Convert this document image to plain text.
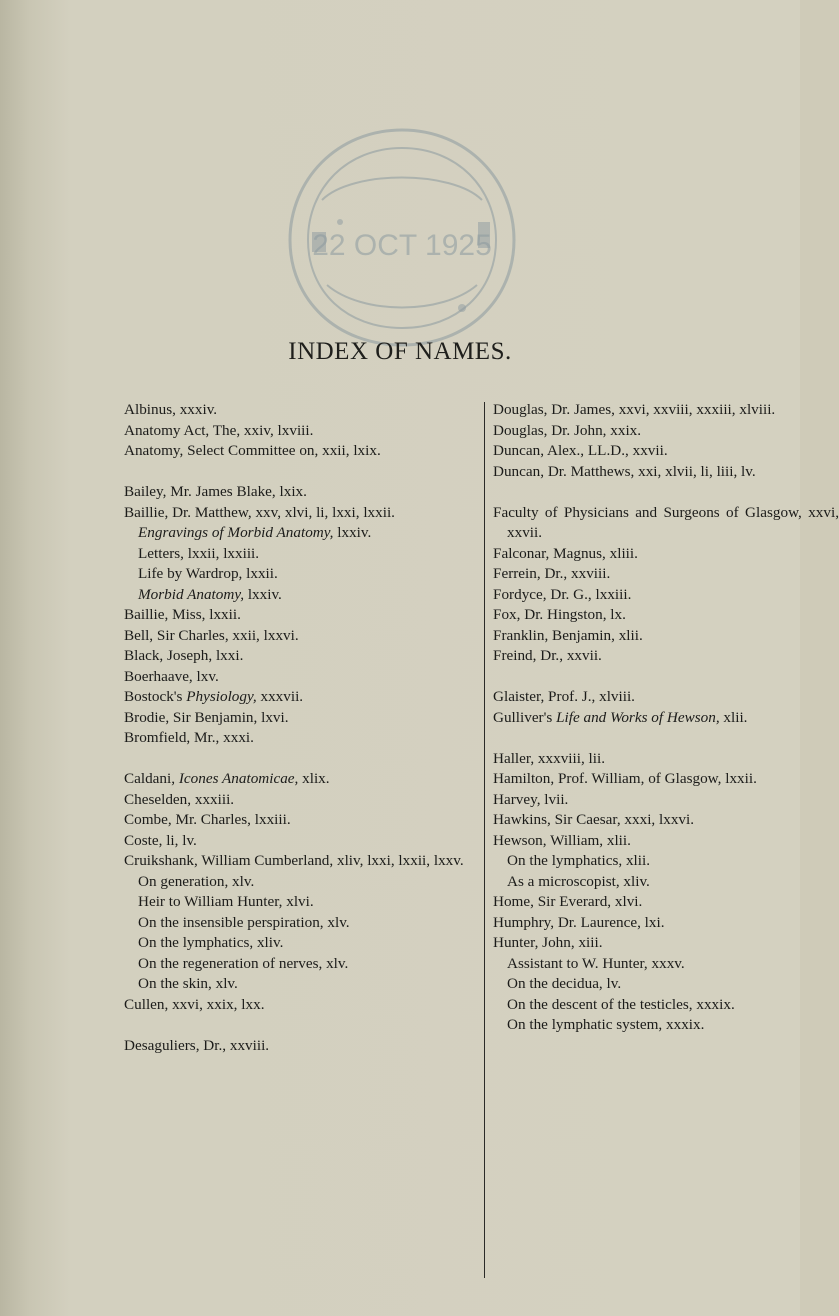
22 OCT 1925
INDEX OF NAMES.
Albinus, xxxiv.
Anatomy Act, The, xxiv, lxviii.
Anatomy, Select Committee on, xxii, lxix.
Bailey, Mr. James Blake, lxix.
Baillie, Dr. Matthew, xxv, xlvi, li, lxxi, lxxii.
Engravings of Morbid Anatomy, lxxiv.
Letters, lxxii, lxxiii.
Life by Wardrop, lxxii.
Morbid Anatomy, lxxiv.
Baillie, Miss, lxxii.
Bell, Sir Charles, xxii, lxxvi.
Black, Joseph, lxxi.
Boerhaave, lxv.
Bostock's Physiology, xxxvii.
Brodie, Sir Benjamin, lxvi.
Bromfield, Mr., xxxi.
Caldani, Icones Anatomicae, xlix.
Cheselden, xxxiii.
Combe, Mr. Charles, lxxiii.
Coste, li, lv.
Cruikshank, William Cumberland, xliv, lxxi, lxxii, lxxv.
On generation, xlv.
Heir to William Hunter, xlvi.
On the insensible perspiration, xlv.
On the lymphatics, xliv.
On the regeneration of nerves, xlv.
On the skin, xlv.
Cullen, xxvi, xxix, lxx.
Desaguliers, Dr., xxviii.
Douglas, Dr. James, xxvi, xxviii, xxxiii, xlviii.
Douglas, Dr. John, xxix.
Duncan, Alex., LL.D., xxvii.
Duncan, Dr. Matthews, xxi, xlvii, li, liii, lv.
Faculty of Physicians and Surgeons of Glasgow, xxvi, xxvii.
Falconar, Magnus, xliii.
Ferrein, Dr., xxviii.
Fordyce, Dr. G., lxxiii.
Fox, Dr. Hingston, lx.
Franklin, Benjamin, xlii.
Freind, Dr., xxvii.
Glaister, Prof. J., xlviii.
Gulliver's Life and Works of Hewson, xlii.
Haller, xxxviii, lii.
Hamilton, Prof. William, of Glasgow, lxxii.
Harvey, lvii.
Hawkins, Sir Caesar, xxxi, lxxvi.
Hewson, William, xlii.
On the lymphatics, xlii.
As a microscopist, xliv.
Home, Sir Everard, xlvi.
Humphry, Dr. Laurence, lxi.
Hunter, John, xiii.
Assistant to W. Hunter, xxxv.
On the decidua, lv.
On the descent of the testicles, xxxix.
On the lymphatic system, xxxix.
